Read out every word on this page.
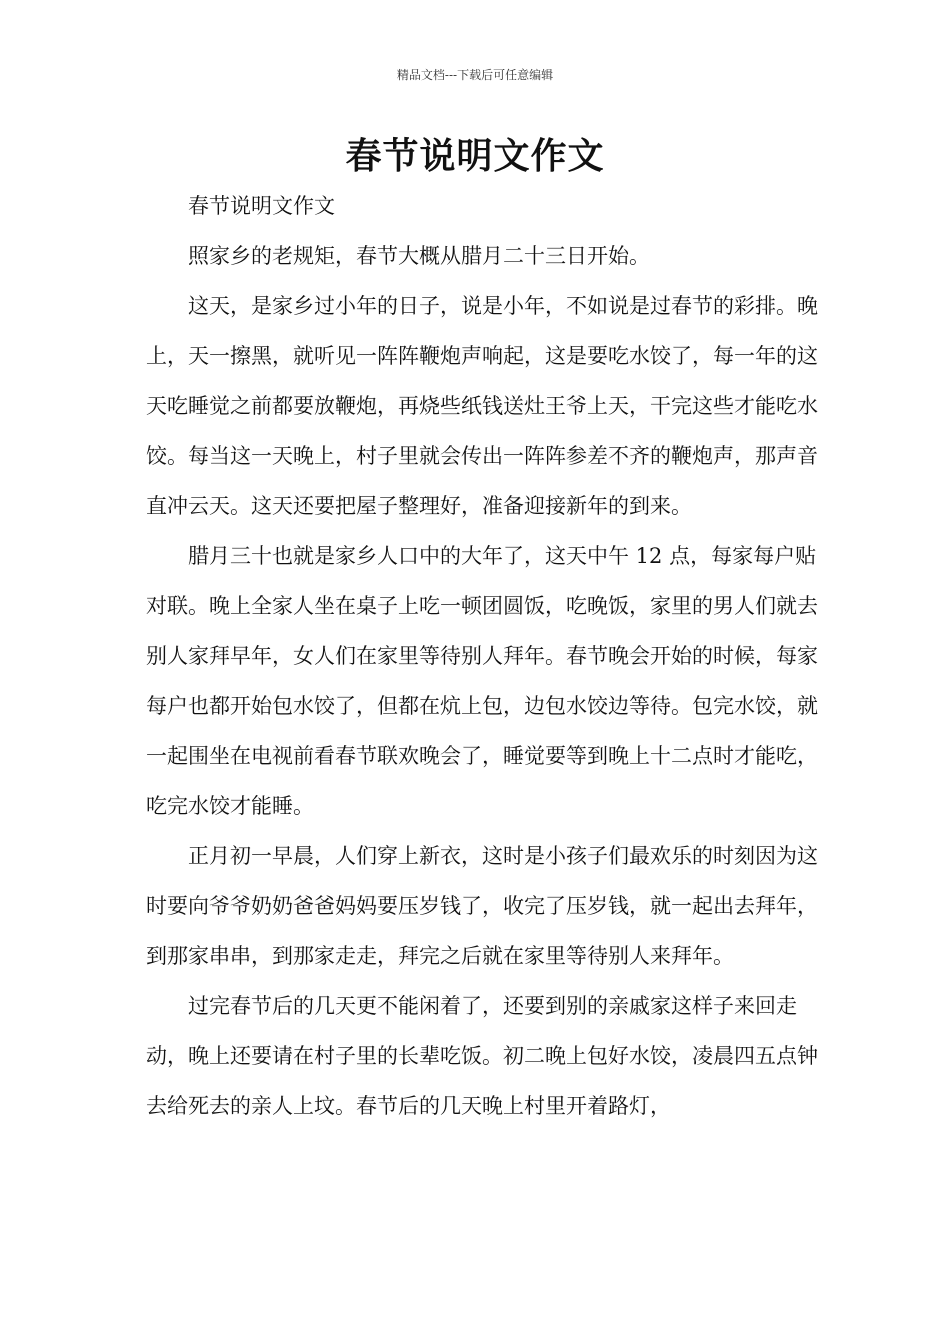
精品文档---下载后可任意编辑
春节说明文作文

春节说明文作文

照家乡的老规矩，春节大概从腊月二十三日开始。

这天，是家乡过小年的日子，说是小年，不如说是过春节的彩排。晚上，天一擦黑，就听见一阵阵鞭炮声响起，这是要吃水饺了，每一年的这天吃睡觉之前都要放鞭炮，再烧些纸钱送灶王爷上天，干完这些才能吃水饺。每当这一天晚上，村子里就会传出一阵阵参差不齐的鞭炮声，那声音直冲云天。这天还要把屋子整理好，准备迎接新年的到来。

腊月三十也就是家乡人口中的大年了，这天中午 12 点，每家每户贴对联。晚上全家人坐在桌子上吃一顿团圆饭，吃晚饭，家里的男人们就去别人家拜早年，女人们在家里等待别人拜年。春节晚会开始的时候，每家每户也都开始包水饺了，但都在炕上包，边包水饺边等待。包完水饺，就一起围坐在电视前看春节联欢晚会了，睡觉要等到晚上十二点时才能吃，吃完水饺才能睡。

正月初一早晨，人们穿上新衣，这时是小孩子们最欢乐的时刻因为这时要向爷爷奶奶爸爸妈妈要压岁钱了，收完了压岁钱，就一起出去拜年，到那家串串，到那家走走，拜完之后就在家里等待别人来拜年。

过完春节后的几天更不能闲着了，还要到别的亲戚家这样子来回走动，晚上还要请在村子里的长辈吃饭。初二晚上包好水饺，凌晨四五点钟去给死去的亲人上坟。春节后的几天晚上村里开着路灯，
